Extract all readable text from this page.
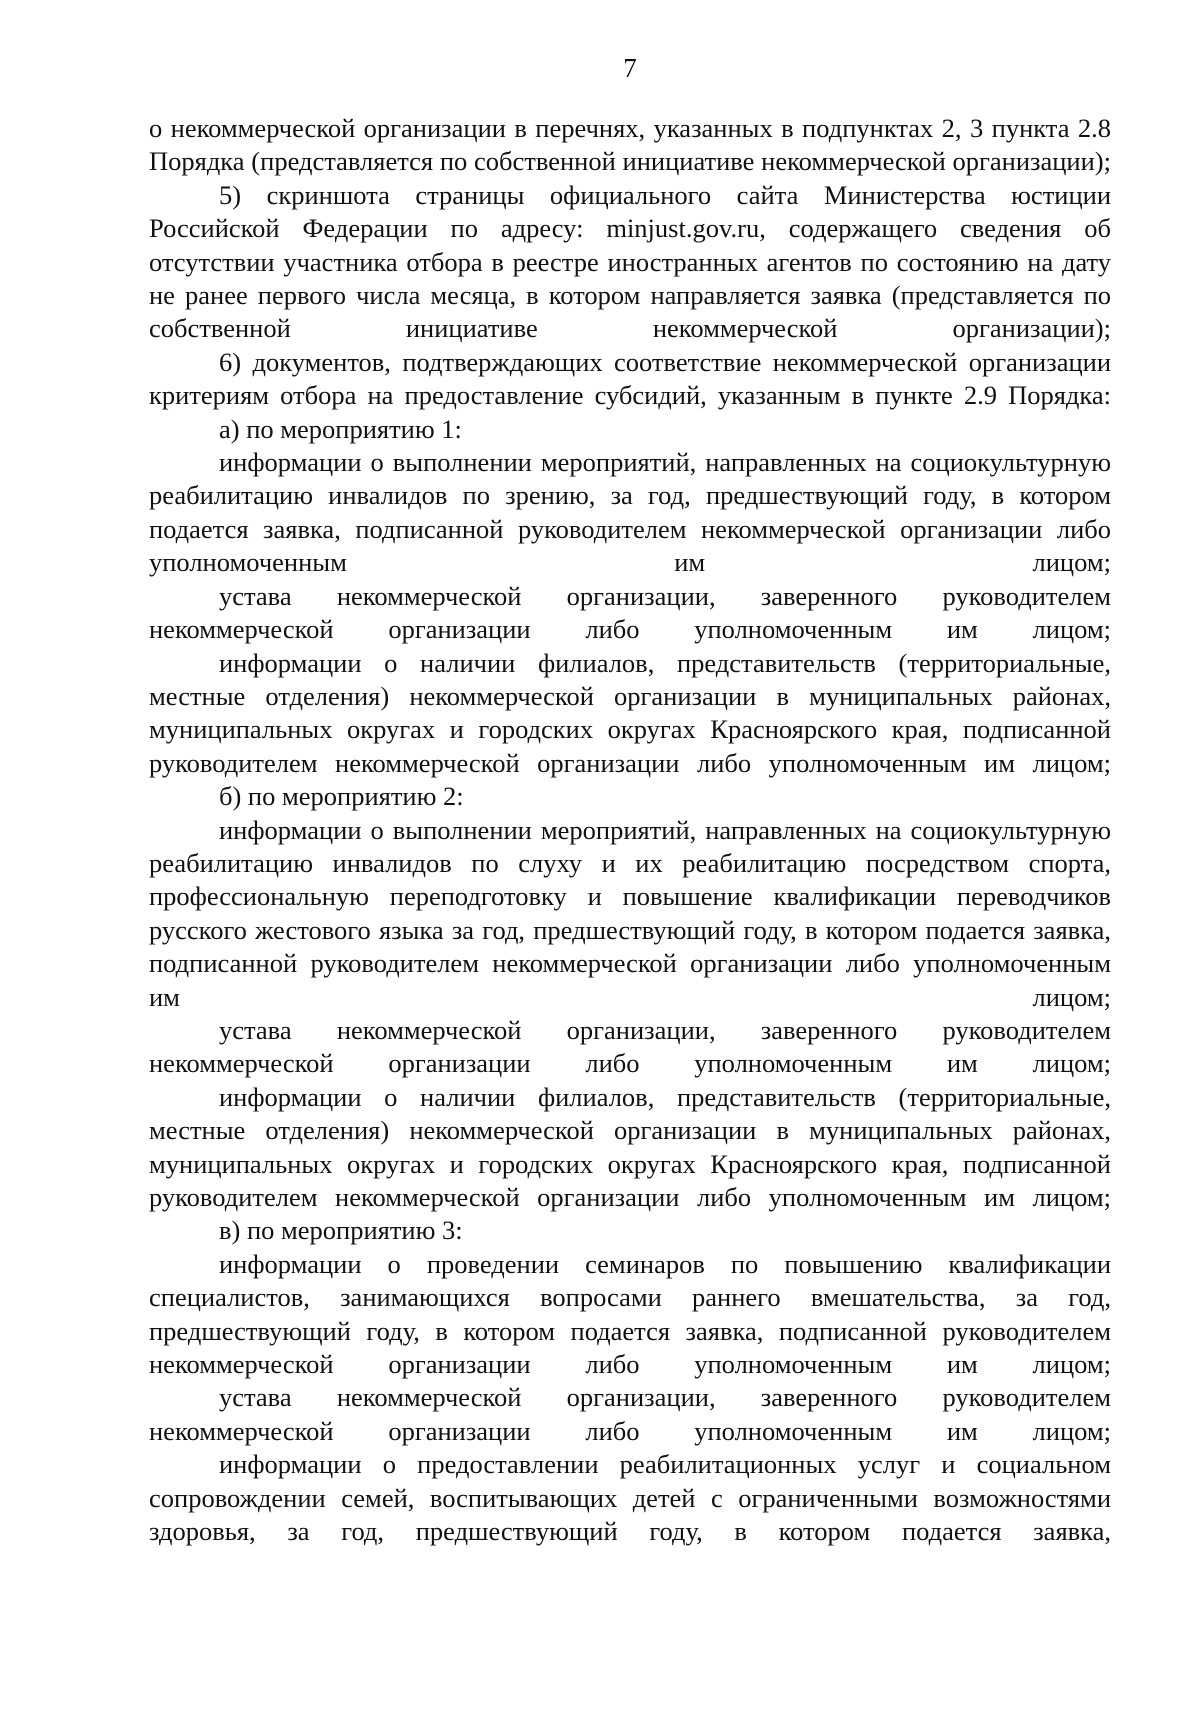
7

о некоммерческой организации в перечнях, указанных в подпунктах 2, 3 пункта 2.8 Порядка (представляется по собственной инициативе некоммерческой организации);

5) скриншота страницы официального сайта Министерства юстиции Российской Федерации по адресу: minjust.gov.ru, содержащего сведения об отсутствии участника отбора в реестре иностранных агентов по состоянию на дату не ранее первого числа месяца, в котором направляется заявка (представляется по собственной инициативе некоммерческой организации);

6) документов, подтверждающих соответствие некоммерческой организации критериям отбора на предоставление субсидий, указанным в пункте 2.9 Порядка:

а) по мероприятию 1:

информации о выполнении мероприятий, направленных на социокультурную реабилитацию инвалидов по зрению, за год, предшествующий году, в котором подается заявка, подписанной руководителем некоммерческой организации либо уполномоченным им лицом;

устава некоммерческой организации, заверенного руководителем некоммерческой организации либо уполномоченным им лицом;

информации о наличии филиалов, представительств (территориальные, местные отделения) некоммерческой организации в муниципальных районах, муниципальных округах и городских округах Красноярского края, подписанной руководителем некоммерческой организации либо уполномоченным им лицом;

б) по мероприятию 2:

информации о выполнении мероприятий, направленных на социокультурную реабилитацию инвалидов по слуху и их реабилитацию посредством спорта, профессиональную переподготовку и повышение квалификации переводчиков русского жестового языка за год, предшествующий году, в котором подается заявка, подписанной руководителем некоммерческой организации либо уполномоченным им лицом;

устава некоммерческой организации, заверенного руководителем некоммерческой организации либо уполномоченным им лицом;

информации о наличии филиалов, представительств (территориальные, местные отделения) некоммерческой организации в муниципальных районах, муниципальных округах и городских округах Красноярского края, подписанной руководителем некоммерческой организации либо уполномоченным им лицом;

в) по мероприятию 3:

информации о проведении семинаров по повышению квалификации специалистов, занимающихся вопросами раннего вмешательства, за год, предшествующий году, в котором подается заявка, подписанной руководителем некоммерческой организации либо уполномоченным им лицом;

устава некоммерческой организации, заверенного руководителем некоммерческой организации либо уполномоченным им лицом;

информации о предоставлении реабилитационных услуг и социальном сопровождении семей, воспитывающих детей с ограниченными возможностями здоровья, за год, предшествующий году, в котором подается заявка,
